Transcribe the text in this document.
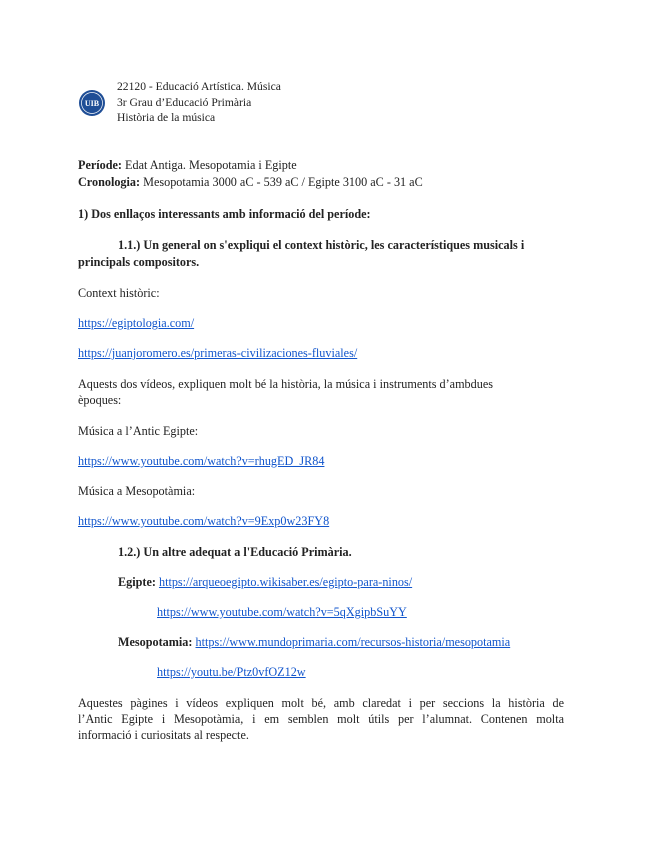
UIB
22120 - Educació Artística. Música
3r Grau d’Educació Primària
Història de la música
Període: Edat Antiga. Mesopotamia i Egipte
Cronologia: Mesopotamia 3000 aC - 539 aC / Egipte 3100 aC - 31 aC
1) Dos enllaços interessants amb informació del període:
1.1.) Un general on s'expliqui el context històric, les característiques musicals i
principals compositors.
Context històric:
https://egiptologia.com/
https://juanjoromero.es/primeras-civilizaciones-fluviales/
Aquests dos vídeos, expliquen molt bé la història, la música i instruments d’ambdues
èpoques:
Música a l’Antic Egipte:
https://www.youtube.com/watch?v=rhugED_JR84
Música a Mesopotàmia:
https://www.youtube.com/watch?v=9Exp0w23FY8
1.2.) Un altre adequat a l'Educació Primària.
Egipte: https://arqueoegipto.wikisaber.es/egipto-para-ninos/
https://www.youtube.com/watch?v=5qXgipbSuYY
Mesopotamia: https://www.mundoprimaria.com/recursos-historia/mesopotamia
https://youtu.be/Ptz0vfOZ12w
Aquestes pàgines i vídeos expliquen molt bé, amb claredat i per seccions la història de
l’Antic Egipte i Mesopotàmia, i em semblen molt útils per l’alumnat. Contenen molta
informació i curiositats al respecte.
